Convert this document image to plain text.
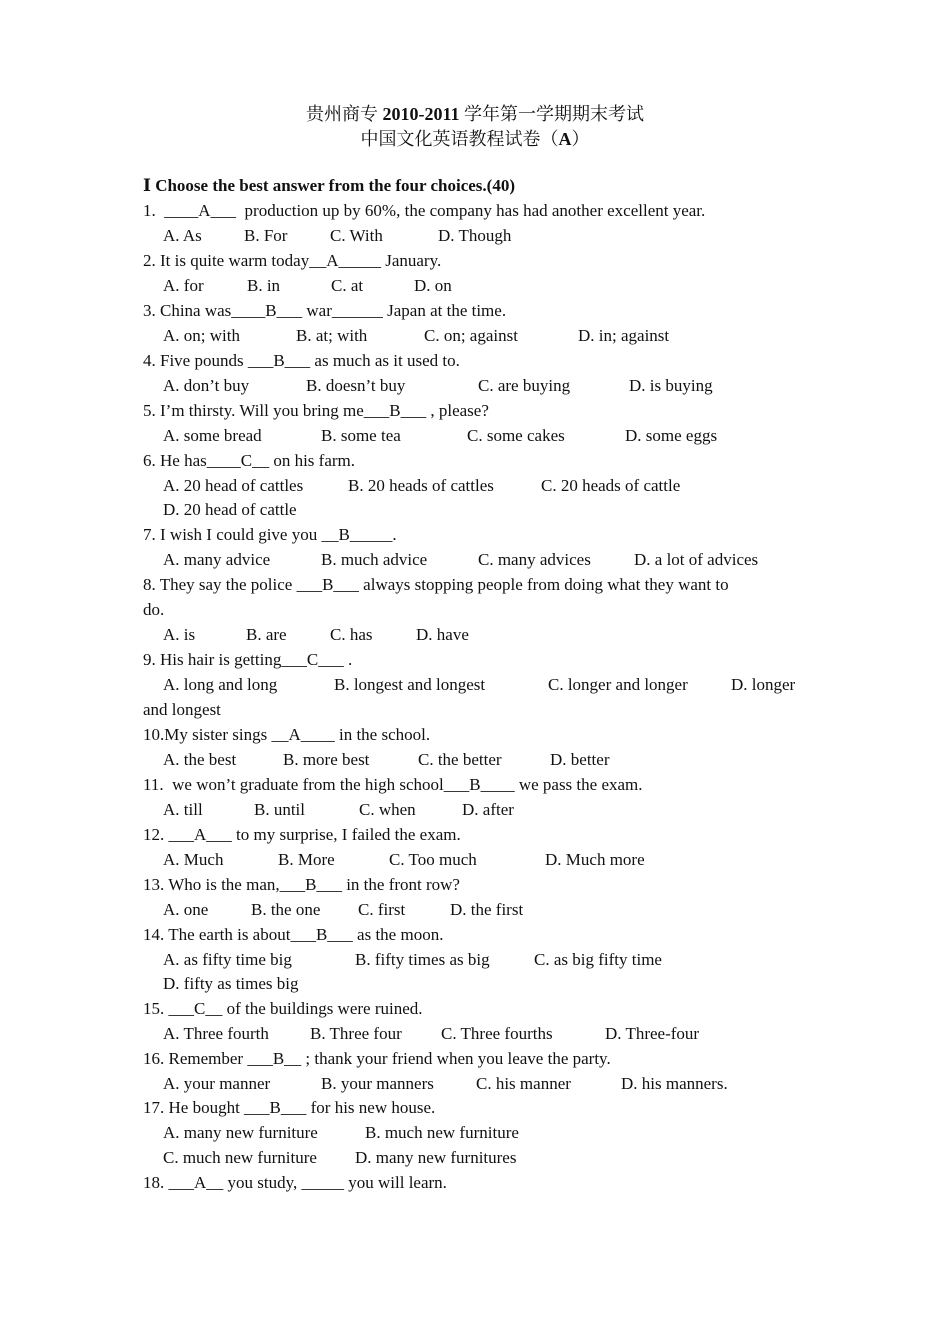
贵州商专 2010-2011 学年第一学期期末考试
中国文化英语教程试卷（A）
Ⅰ Choose the best answer from the four choices.(40)
1.  ____A___  production up by 60%, the company has had another excellent year.
A. As B. For	C. With	D. Though
2. It is quite warm today__A_____ January.
A. for	B. in	C. at	D. on
3. China was____B___ war______ Japan at the time.
A. on; with	B. at; with	C. on; against	D. in; against
4. Five pounds ___B___ as much as it used to.
A. don’t buy	B. doesn’t buy	C. are buying	D. is buying
5. I’m thirsty. Will you bring me___B___ , please?
A. some bread	B. some tea	C. some cakes	D. some eggs
6. He has____C__ on his farm.
A. 20 head of cattles	B. 20 heads of cattles	C. 20 heads of cattle
D. 20 head of cattle
7. I wish I could give you __B_____.
A. many advice	B. much advice	C. many advices	D. a lot of advices
8. They say the police ___B___ always stopping people from doing what they want to
do.
A. is	B. are	C. has	D. have
9. His hair is getting___C___ .
A. long and long	B. longest and longest	C. longer and longer	D. longer
and longest
10.My sister sings __A____ in the school.
A. the best	B. more best	C. the better	D. better
11.  we won’t graduate from the high school___B____ we pass the exam.
A. till	B. until	C. when	D. after
12. ___A___ to my surprise, I failed the exam.
A. Much	B. More	C. Too much	D. Much more
13. Who is the man,___B___ in the front row?
A. one	B. the one C. first	D. the first
14. The earth is about___B___ as the moon.
A. as fifty time big	B. fifty times as big	C. as big fifty time
D. fifty as times big
15. ___C__ of the buildings were ruined.
A. Three fourth B. Three four C. Three fourths	D. Three-four
16. Remember ___B__ ; thank your friend when you leave the party.
A. your manner	B. your manners C. his manner	D. his manners.
17. He bought ___B___ for his new house.
A. many new furniture	B. much new furniture
C. much new furniture D. many new furnitures
18. ___A__ you study, _____ you will learn.
